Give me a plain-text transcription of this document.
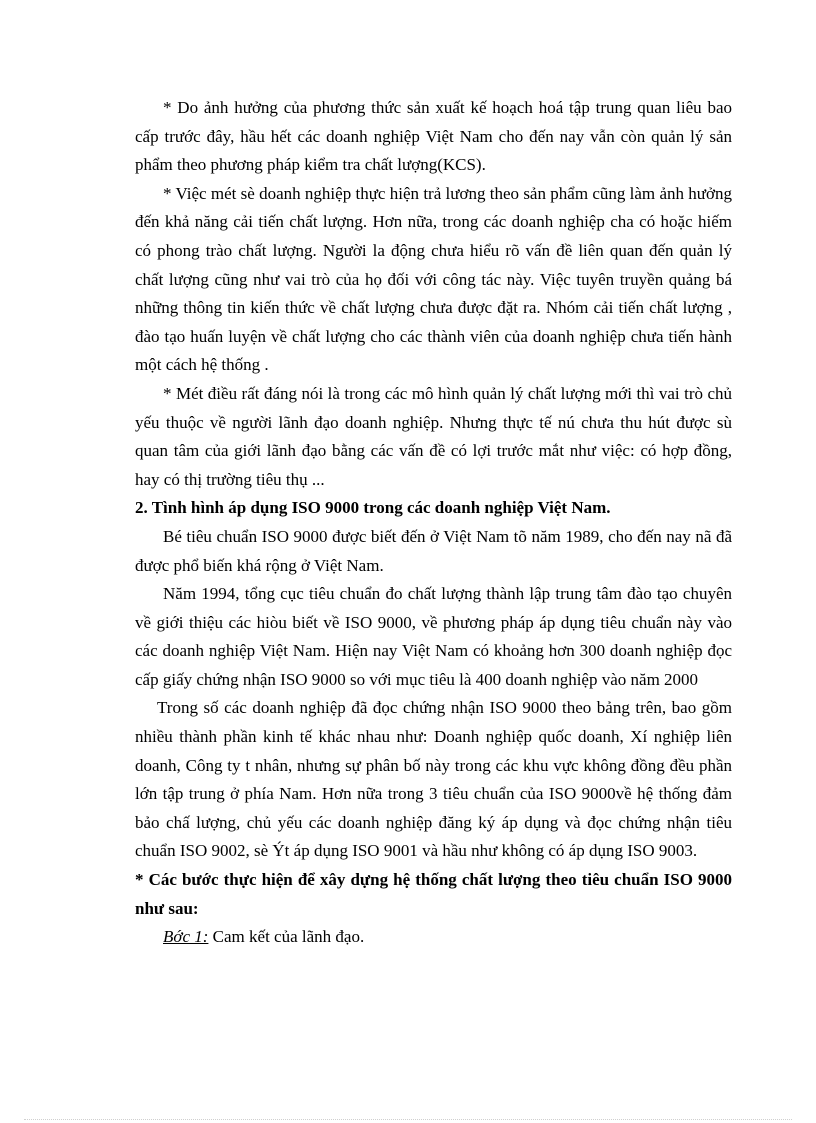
* Do ảnh hưởng của phương thức sản xuất kế hoạch hoá tập trung quan liêu bao cấp trước đây, hầu hết các doanh nghiệp Việt Nam cho đến nay vẫn còn quản lý sản phẩm theo phương pháp kiểm tra chất lượng(KCS).

* Việc mét sè doanh nghiệp thực hiện trả lương theo sản phẩm cũng làm ảnh hưởng đến khả năng cải tiến chất lượng. Hơn nữa, trong các doanh nghiệp cha có hoặc hiếm có phong trào chất lượng. Người la động chưa hiểu rõ vấn đề liên quan đến quản lý chất lượng cũng như vai trò của họ đối với công tác này. Việc tuyên truyền quảng bá những thông tin kiến thức về chất lượng chưa được đặt ra. Nhóm cải tiến chất lượng , đào tạo huấn luyện về chất lượng cho các thành viên của doanh nghiệp chưa tiến hành một cách hệ thống .

* Mét điều rất đáng nói là trong các mô hình quản lý chất lượng mới thì vai trò chủ yếu thuộc về người lãnh đạo doanh nghiệp. Nhưng thực tế nú chưa thu hút được sù quan tâm của giới lãnh đạo bằng các vấn đề có lợi trước mắt như việc: có hợp đồng, hay có thị trường tiêu thụ ...

2. Tình hình áp dụng ISO 9000 trong các doanh nghiệp Việt Nam.

Bé tiêu chuẩn ISO 9000 được biết đến ở Việt Nam tõ năm 1989, cho đến nay nã đã được phổ biến khá rộng ở Việt Nam.

Năm 1994, tổng cục tiêu chuẩn đo chất lượng thành lập trung tâm đào tạo chuyên về giới thiệu các hiòu biết về ISO 9000, về phương pháp áp dụng tiêu chuẩn này vào các doanh nghiệp Việt Nam. Hiện nay Việt Nam có khoảng hơn 300 doanh nghiệp đọc cấp giấy chứng nhận ISO 9000 so với mục tiêu là 400 doanh nghiệp vào năm 2000

Trong số các doanh nghiệp đã đọc chứng nhận ISO 9000 theo bảng trên, bao gồm nhiều thành phần kinh tế khác nhau như: Doanh nghiệp quốc doanh, Xí nghiệp liên doanh, Công ty t nhân, nhưng sự phân bố này trong các khu vực không đồng đều phần lớn tập trung ở phía Nam. Hơn nữa trong 3 tiêu chuẩn của ISO 9000về hệ thống đảm bảo chấ lượng, chủ yếu các doanh nghiệp đăng ký áp dụng và đọc chứng nhận tiêu chuẩn ISO 9002, sè Ýt áp dụng ISO 9001 và hầu như không có áp dụng ISO 9003.

* Các bước thực hiện để xây dựng hệ thống chất lượng theo tiêu chuẩn ISO 9000 như sau:

Bớc 1: Cam kết của lãnh đạo.
